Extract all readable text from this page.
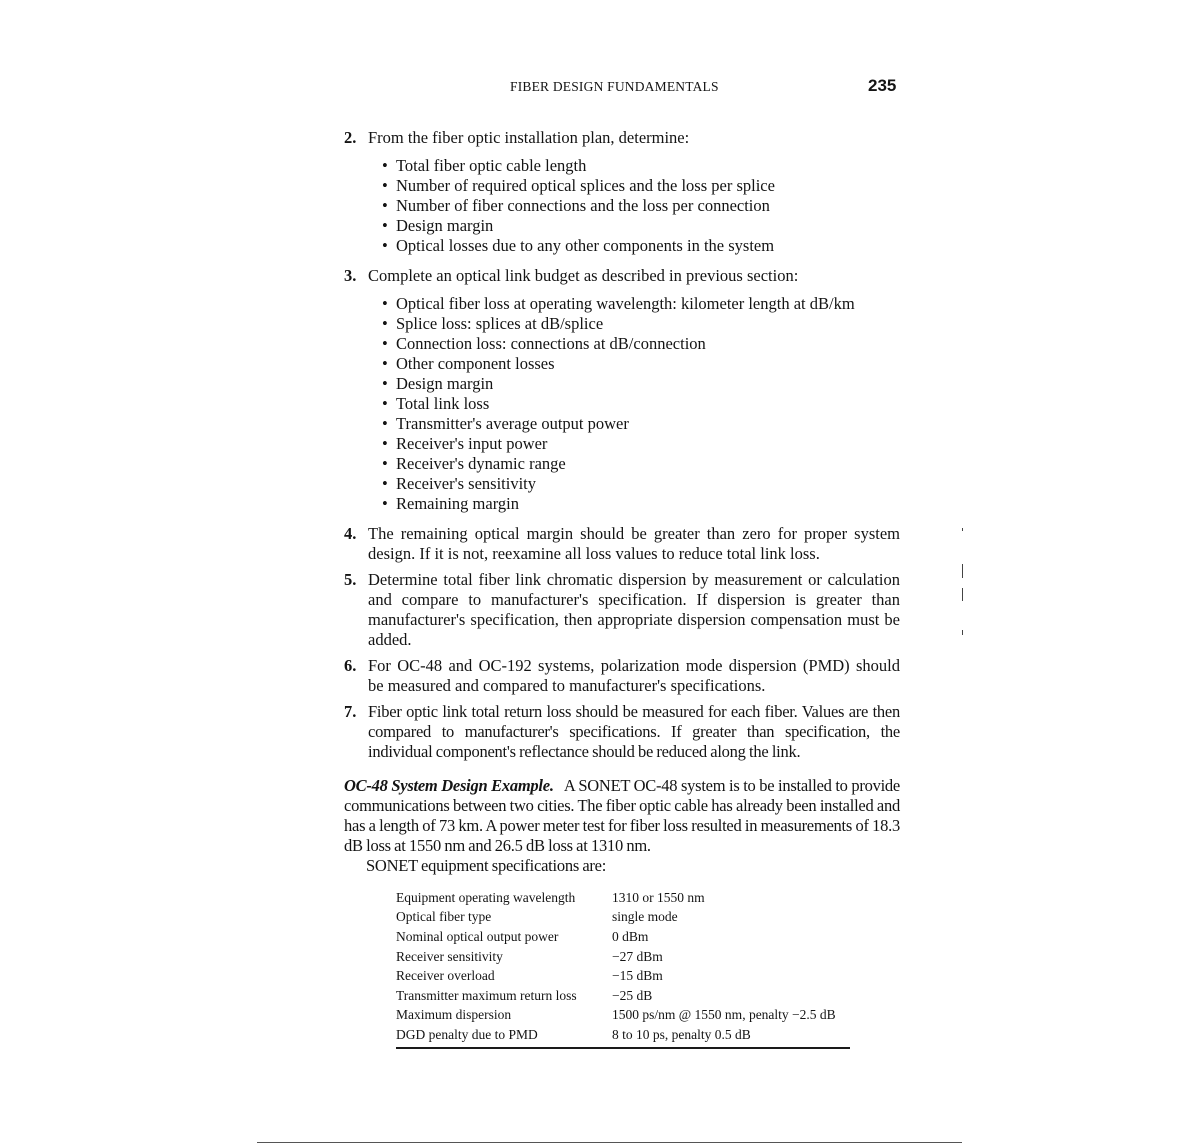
FIBER DESIGN FUNDAMENTALS	235
2. From the fiber optic installation plan, determine:
• Total fiber optic cable length
• Number of required optical splices and the loss per splice
• Number of fiber connections and the loss per connection
• Design margin
• Optical losses due to any other components in the system
3. Complete an optical link budget as described in previous section:
• Optical fiber loss at operating wavelength: kilometer length at dB/km
• Splice loss: splices at dB/splice
• Connection loss: connections at dB/connection
• Other component losses
• Design margin
• Total link loss
• Transmitter's average output power
• Receiver's input power
• Receiver's dynamic range
• Receiver's sensitivity
• Remaining margin
4. The remaining optical margin should be greater than zero for proper system design. If it is not, reexamine all loss values to reduce total link loss.
5. Determine total fiber link chromatic dispersion by measurement or calculation and compare to manufacturer's specification. If dispersion is greater than manufacturer's specification, then appropriate dispersion compensation must be added.
6. For OC-48 and OC-192 systems, polarization mode dispersion (PMD) should be measured and compared to manufacturer's specifications.
7. Fiber optic link total return loss should be measured for each fiber. Values are then compared to manufacturer's specifications. If greater than specification, the individual component's reflectance should be reduced along the link.
OC-48 System Design Example. A SONET OC-48 system is to be installed to provide communications between two cities. The fiber optic cable has already been installed and has a length of 73 km. A power meter test for fiber loss resulted in measurements of 18.3 dB loss at 1550 nm and 26.5 dB loss at 1310 nm.
SONET equipment specifications are:
Equipment operating wavelength	1310 or 1550 nm
Optical fiber type	single mode
Nominal optical output power	0 dBm
Receiver sensitivity	−27 dBm
Receiver overload	−15 dBm
Transmitter maximum return loss	−25 dB
Maximum dispersion	1500 ps/nm @ 1550 nm, penalty −2.5 dB
DGD penalty due to PMD	8 to 10 ps, penalty 0.5 dB
